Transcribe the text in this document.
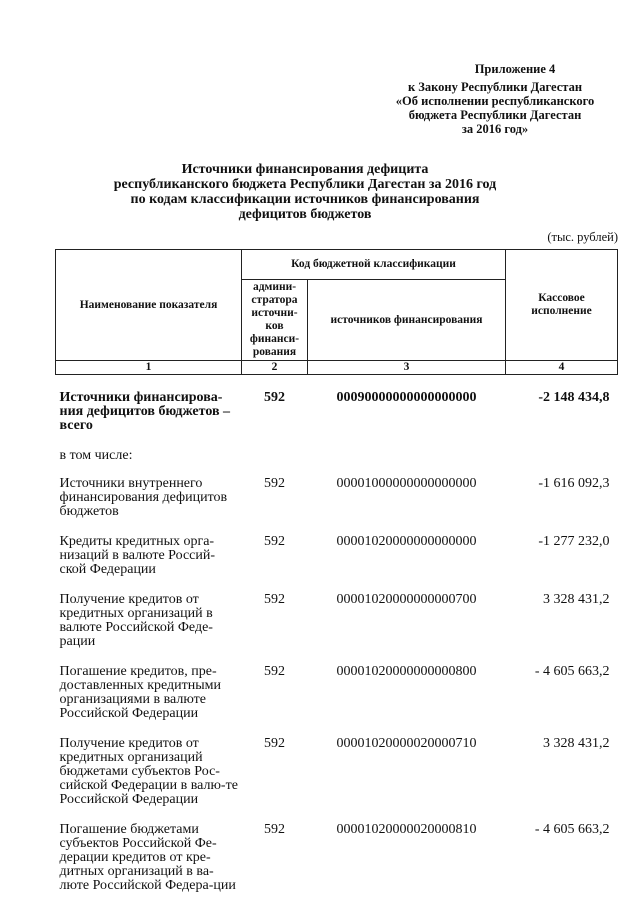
Приложение 4
к Закону Республики Дагестан
«Об исполнении республиканского
бюджета Республики Дагестан
за 2016 год»
Источники финансирования дефицита
республиканского бюджета Республики Дагестан за 2016 год
по кодам классификации источников финансирования
дефицитов бюджетов
(тыс. рублей)
Наименование показателя	Код бюджетной классификации		Кассовое исполнение
	админи-стратора источни-ков финанси-рования	источников финансирования	
1	2	3	4
Источники финансирова-ния дефицитов бюджетов – всего	592	00090000000000000000	-2 148 434,8
в том числе:			
Источники внутреннего финансирования дефицитов бюджетов	592	00001000000000000000	-1 616 092,3
Кредиты кредитных орга-низаций в валюте Россий-ской Федерации	592	00001020000000000000	-1 277 232,0
Получение кредитов от кредитных организаций в валюте Российской Феде-рации	592	00001020000000000700	3 328 431,2
Погашение кредитов, пре-доставленных кредитными организациями в валюте Российской Федерации	592	00001020000000000800	- 4 605 663,2
Получение кредитов от кредитных организаций бюджетами субъектов Рос-сийской Федерации в валю-те Российской Федерации	592	00001020000020000710	3 328 431,2
Погашение бюджетами субъектов Российской Фе-дерации кредитов от кре-дитных организаций в ва-люте Российской Федера-ции	592	00001020000020000810	- 4 605 663,2
